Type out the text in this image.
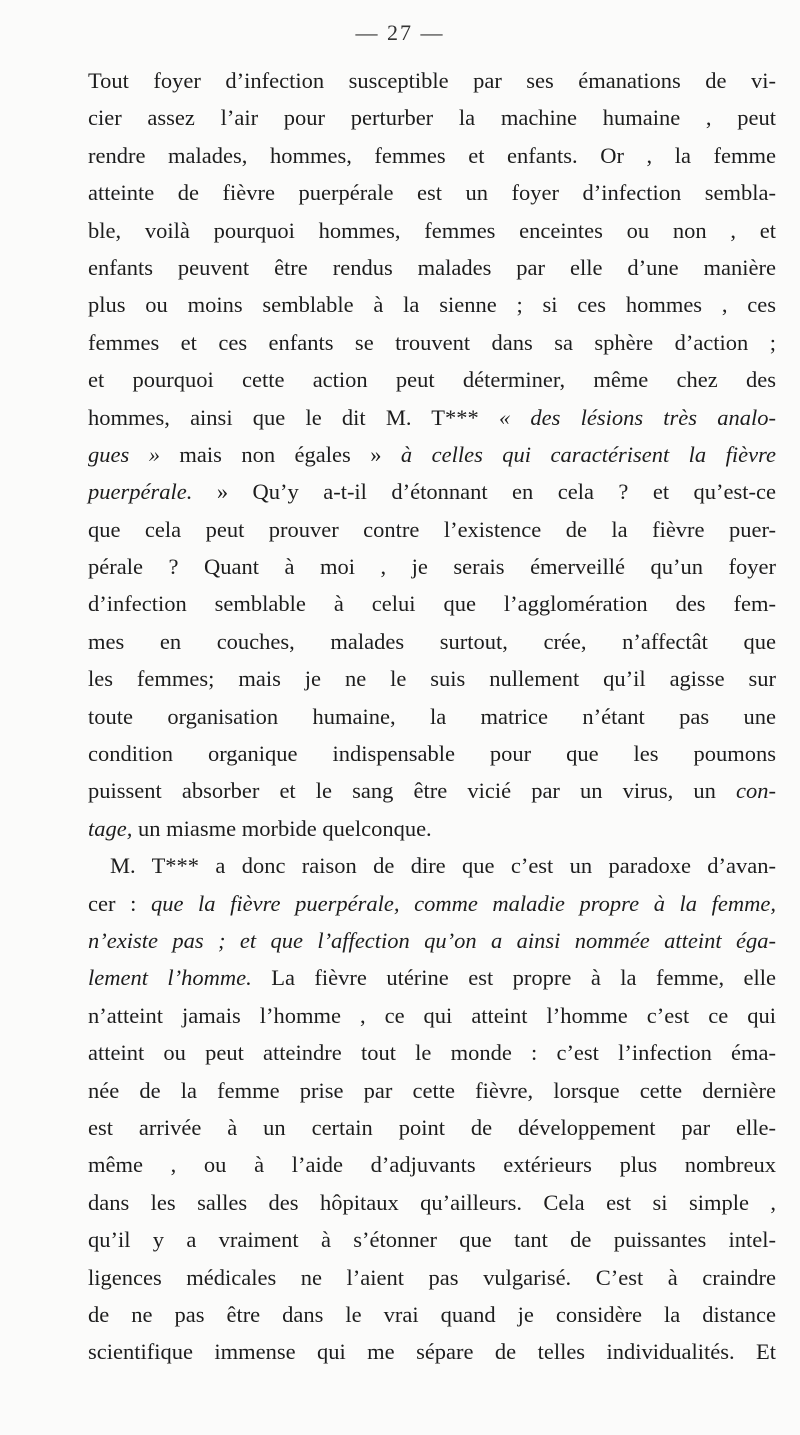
— 27 —
Tout foyer d’infection susceptible par ses émanations de vi-
cier assez l’air pour perturber la machine humaine , peut
rendre malades, hommes, femmes et enfants. Or , la femme
atteinte de fièvre puerpérale est un foyer d’infection sembla-
ble, voilà pourquoi hommes, femmes enceintes ou non , et
enfants peuvent être rendus malades par elle d’une manière
plus ou moins semblable à la sienne ; si ces hommes , ces
femmes et ces enfants se trouvent dans sa sphère d’action ;
et pourquoi cette action peut déterminer, même chez des
hommes, ainsi que le dit M. T*** « des lésions très analo-
gues » mais non égales » à celles qui caractérisent la fièvre
puerpérale. » Qu’y a-t-il d’étonnant en cela ? et qu’est-ce
que cela peut prouver contre l’existence de la fièvre puer-
pérale ? Quant à moi , je serais émerveillé qu’un foyer
d’infection semblable à celui que l’agglomération des fem-
mes en couches, malades surtout, crée, n’affectât que
les femmes; mais je ne le suis nullement qu’il agisse sur
toute organisation humaine, la matrice n’étant pas une
condition organique indispensable pour que les poumons
puissent absorber et le sang être vicié par un virus, un con-
tage, un miasme morbide quelconque.
M. T*** a donc raison de dire que c’est un paradoxe d’avan-
cer : que la fièvre puerpérale, comme maladie propre à la femme,
n’existe pas ; et que l’affection qu’on a ainsi nommée atteint éga-
lement l’homme. La fièvre utérine est propre à la femme, elle
n’atteint jamais l’homme , ce qui atteint l’homme c’est ce qui
atteint ou peut atteindre tout le monde : c’est l’infection éma-
née de la femme prise par cette fièvre, lorsque cette dernière
est arrivée à un certain point de développement par elle-
même , ou à l’aide d’adjuvants extérieurs plus nombreux
dans les salles des hôpitaux qu’ailleurs. Cela est si simple ,
qu’il y a vraiment à s’étonner que tant de puissantes intel-
ligences médicales ne l’aient pas vulgarisé. C’est à craindre
de ne pas être dans le vrai quand je considère la distance
scientifique immense qui me sépare de telles individualités. Et
